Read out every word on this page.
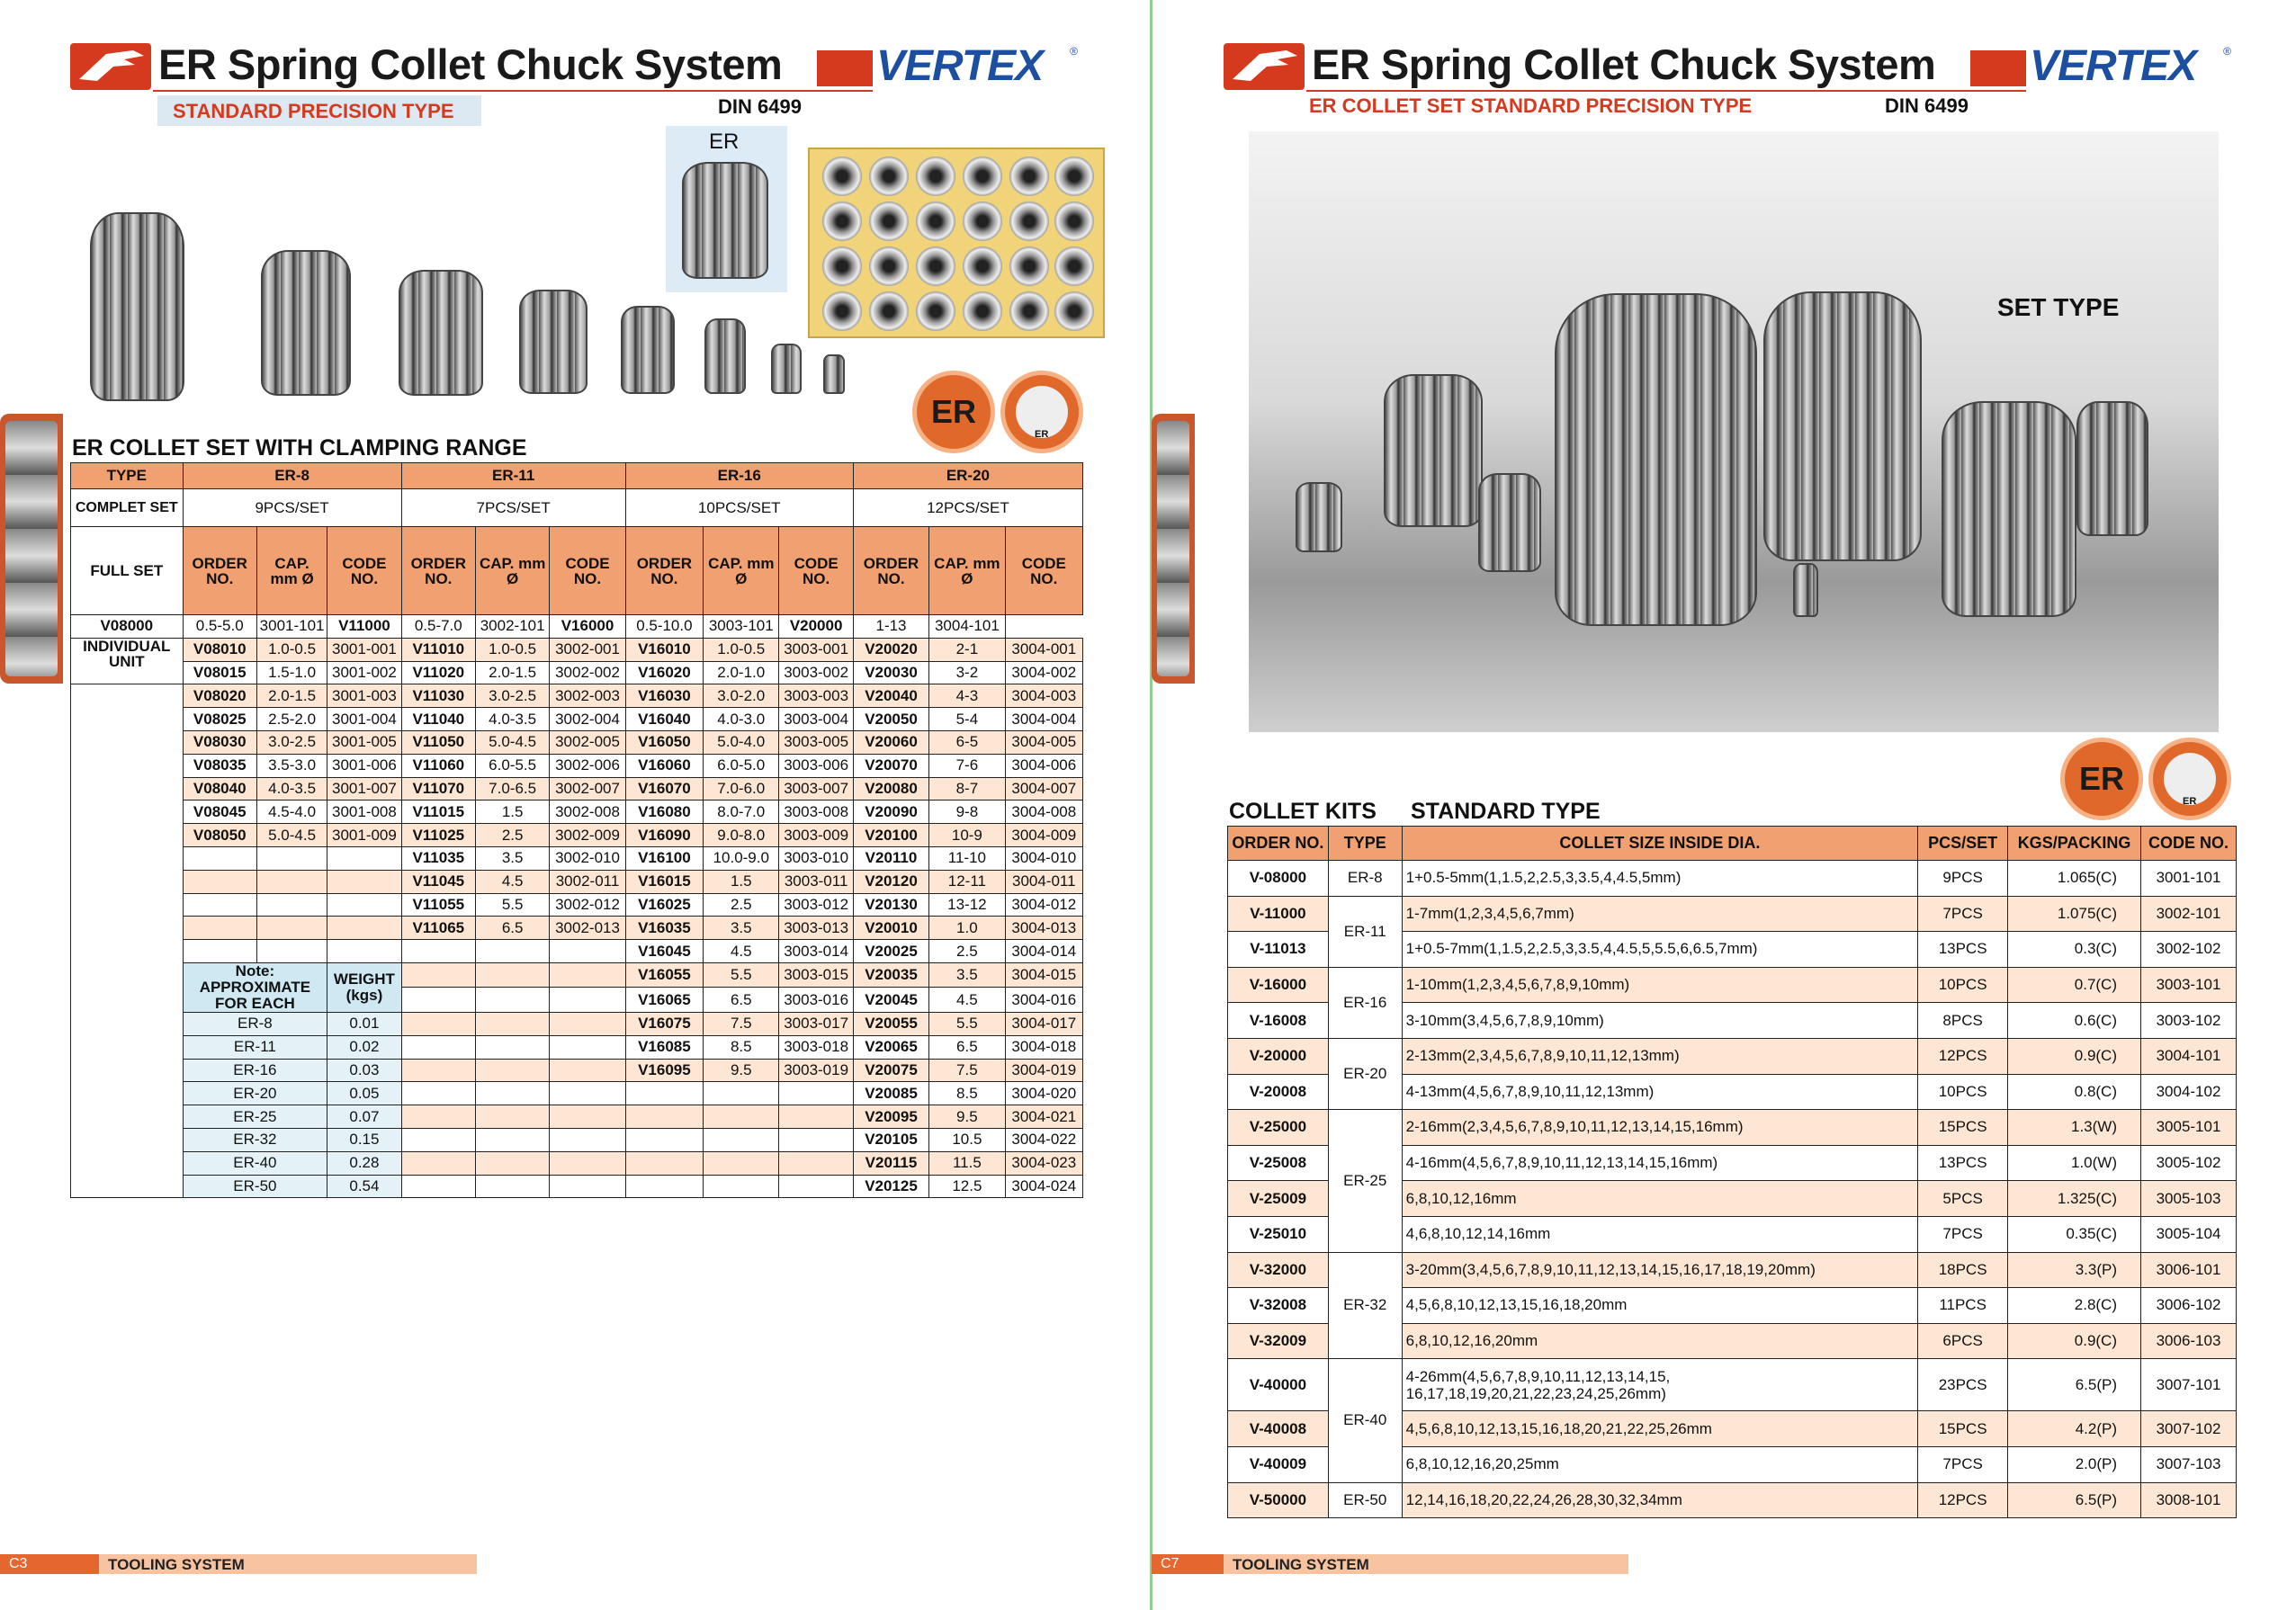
ER Spring Collet Chuck System VERTEX ®
STANDARD PRECISION TYPE	DIN 6499
ER
ER
ER
ER COLLET SET WITH CLAMPING RANGE
TYPE	ER-8			ER-11			ER-16			ER-20		
COMPLET SET	9PCS/SET			7PCS/SET			10PCS/SET			12PCS/SET		
FULL SET	ORDER NO.	CAP. mm Ø	CODE NO.	ORDER NO.	CAP. mm Ø	CODE NO.	ORDER NO.	CAP. mm Ø	CODE NO.	ORDER NO.	CAP. mm Ø	CODE NO.
V08000	0.5-5.0	3001-101	V11000	0.5-7.0	3002-101	V16000	0.5-10.0	3003-101	V20000	1-13	3004-101	
INDIVIDUAL UNIT	V08010	1.0-0.5	3001-001	V11010	1.0-0.5	3002-001	V16010	1.0-0.5	3003-001	V20020	2-1	3004-001
	V08015	1.5-1.0	3001-002	V11020	2.0-1.5	3002-002	V16020	2.0-1.0	3003-002	V20030	3-2	3004-002
	V08020	2.0-1.5	3001-003	V11030	3.0-2.5	3002-003	V16030	3.0-2.0	3003-003	V20040	4-3	3004-003
	V08025	2.5-2.0	3001-004	V11040	4.0-3.5	3002-004	V16040	4.0-3.0	3003-004	V20050	5-4	3004-004
	V08030	3.0-2.5	3001-005	V11050	5.0-4.5	3002-005	V16050	5.0-4.0	3003-005	V20060	6-5	3004-005
	V08035	3.5-3.0	3001-006	V11060	6.0-5.5	3002-006	V16060	6.0-5.0	3003-006	V20070	7-6	3004-006
	V08040	4.0-3.5	3001-007	V11070	7.0-6.5	3002-007	V16070	7.0-6.0	3003-007	V20080	8-7	3004-007
	V08045	4.5-4.0	3001-008	V11015	1.5	3002-008	V16080	8.0-7.0	3003-008	V20090	9-8	3004-008
	V08050	5.0-4.5	3001-009	V11025	2.5	3002-009	V16090	9.0-8.0	3003-009	V20100	10-9	3004-009
				V11035	3.5	3002-010	V16100	10.0-9.0	3003-010	V20110	11-10	3004-010
				V11045	4.5	3002-011	V16015	1.5	3003-011	V20120	12-11	3004-011
				V11055	5.5	3002-012	V16025	2.5	3003-012	V20130	13-12	3004-012
				V11065	6.5	3002-013	V16035	3.5	3003-013	V20010	1.0	3004-013
							V16045	4.5	3003-014	V20025	2.5	3004-014
	Note: APPROXIMATE FOR EACH		WEIGHT (kgs)				V16055	5.5	3003-015	V20035	3.5	3004-015
							V16065	6.5	3003-016	V20045	4.5	3004-016
	ER-8		0.01				V16075	7.5	3003-017	V20055	5.5	3004-017
	ER-11		0.02				V16085	8.5	3003-018	V20065	6.5	3004-018
	ER-16		0.03				V16095	9.5	3003-019	V20075	7.5	3004-019
	ER-20		0.05							V20085	8.5	3004-020
	ER-25		0.07							V20095	9.5	3004-021
	ER-32		0.15							V20105	10.5	3004-022
	ER-40		0.28							V20115	11.5	3004-023
	ER-50		0.54							V20125	12.5	3004-024
C3	TOOLING SYSTEM
ER Spring Collet Chuck System VERTEX ®
ER COLLET SET STANDARD PRECISION TYPE	DIN 6499
SET TYPE
ER
ER
COLLET KITS STANDARD TYPE
ORDER NO.	TYPE	COLLET SIZE INSIDE DIA.	PCS/SET	KGS/PACKING	CODE NO.
V-08000	ER-8	1+0.5-5mm(1,1.5,2,2.5,3,3.5,4,4.5,5mm)	9PCS	1.065(C)	3001-101
V-11000	ER-11	1-7mm(1,2,3,4,5,6,7mm)	7PCS	1.075(C)	3002-101
V-11013		1+0.5-7mm(1,1.5,2,2.5,3,3.5,4,4.5,5,5.5,6,6.5,7mm)	13PCS	0.3(C)	3002-102
V-16000	ER-16	1-10mm(1,2,3,4,5,6,7,8,9,10mm)	10PCS	0.7(C)	3003-101
V-16008		3-10mm(3,4,5,6,7,8,9,10mm)	8PCS	0.6(C)	3003-102
V-20000	ER-20	2-13mm(2,3,4,5,6,7,8,9,10,11,12,13mm)	12PCS	0.9(C)	3004-101
V-20008		4-13mm(4,5,6,7,8,9,10,11,12,13mm)	10PCS	0.8(C)	3004-102
V-25000	ER-25	2-16mm(2,3,4,5,6,7,8,9,10,11,12,13,14,15,16mm)	15PCS	1.3(W)	3005-101
V-25008		4-16mm(4,5,6,7,8,9,10,11,12,13,14,15,16mm)	13PCS	1.0(W)	3005-102
V-25009		6,8,10,12,16mm	5PCS	1.325(C)	3005-103
V-25010		4,6,8,10,12,14,16mm	7PCS	0.35(C)	3005-104
V-32000	ER-32	3-20mm(3,4,5,6,7,8,9,10,11,12,13,14,15,16,17,18,19,20mm)	18PCS	3.3(P)	3006-101
V-32008		4,5,6,8,10,12,13,15,16,18,20mm	11PCS	2.8(C)	3006-102
V-32009		6,8,10,12,16,20mm	6PCS	0.9(C)	3006-103
V-40000	ER-40	4-26mm(4,5,6,7,8,9,10,11,12,13,14,15,
16,17,18,19,20,21,22,23,24,25,26mm)	23PCS	6.5(P)	3007-101
V-40008		4,5,6,8,10,12,13,15,16,18,20,21,22,25,26mm	15PCS	4.2(P)	3007-102
V-40009		6,8,10,12,16,20,25mm	7PCS	2.0(P)	3007-103
V-50000	ER-50	12,14,16,18,20,22,24,26,28,30,32,34mm	12PCS	6.5(P)	3008-101
C7	TOOLING SYSTEM
